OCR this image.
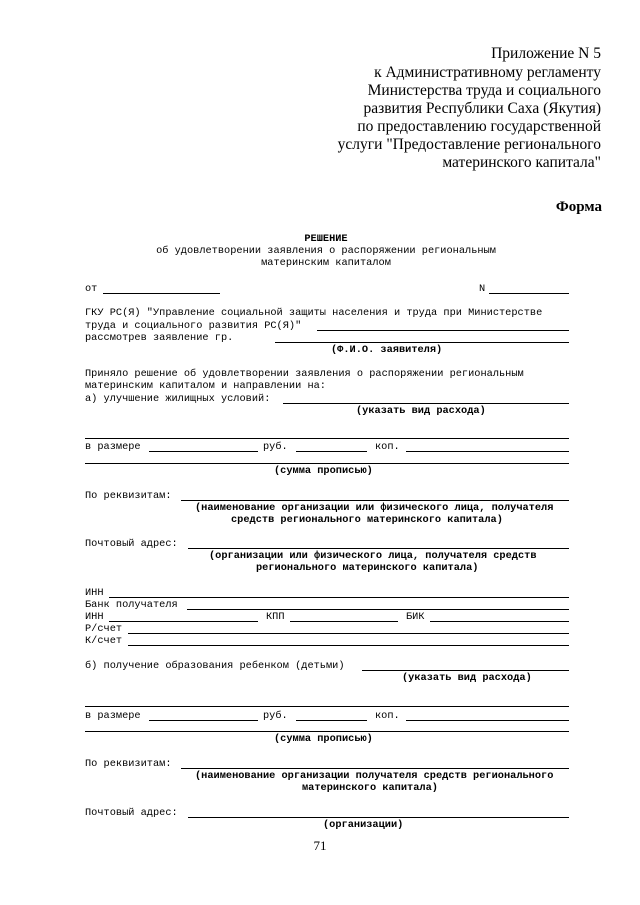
Приложение N 5
к Административному регламенту
Министерства труда и социального
развития Республики Саха (Якутия)
по предоставлению государственной
услуги "Предоставление регионального
материнского капитала"
Форма
РЕШЕНИЕ
об удовлетворении заявления о распоряжении региональным
материнским капиталом
от	N
ГКУ РС(Я) "Управление социальной защиты населения и труда при Министерстве
труда и социального развития РС(Я)"
рассмотрев заявление гр.
(Ф.И.О. заявителя)
Приняло решение об удовлетворении заявления о распоряжении региональным
материнским капиталом и направлении на:
а) улучшение жилищных условий:
(указать вид расхода)
в размере	руб.	коп.
(сумма прописью)
По реквизитам:
(наименование организации или физического лица, получателя
средств регионального материнского капитала)
Почтовый адрес:
(организации или физического лица, получателя средств
регионального материнского капитала)
ИНН
Банк получателя
ИНН	КПП	БИК
Р/счет
К/счет
б) получение образования ребенком (детьми)
(указать вид расхода)
в размере	руб.	коп.
(сумма прописью)
По реквизитам:
(наименование организации получателя средств регионального
материнского капитала)
Почтовый адрес:
(организации)
71
